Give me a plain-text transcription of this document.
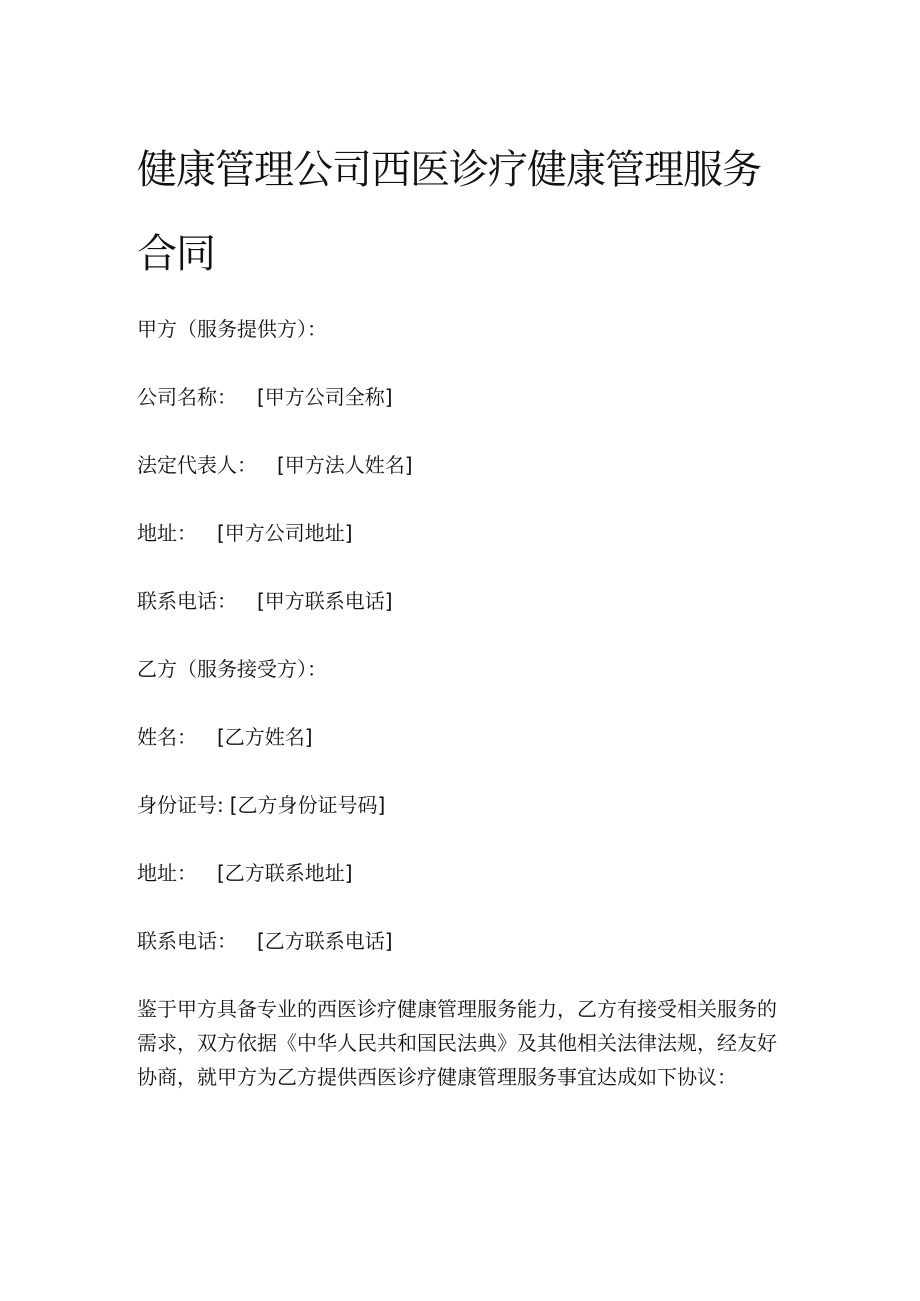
健康管理公司西医诊疗健康管理服务合同

甲方（服务提供方）：

公司名称： [甲方公司全称]

法定代表人： [甲方法人姓名]

地址： [甲方公司地址]

联系电话： [甲方联系电话]

乙方（服务接受方）：

姓名： [乙方姓名]

身份证号: [乙方身份证号码]

地址： [乙方联系地址]

联系电话： [乙方联系电话]

鉴于甲方具备专业的西医诊疗健康管理服务能力，乙方有接受相关服务的
需求，双方依据《中华人民共和国民法典》及其他相关法律法规，经友好
协商，就甲方为乙方提供西医诊疗健康管理服务事宜达成如下协议：
